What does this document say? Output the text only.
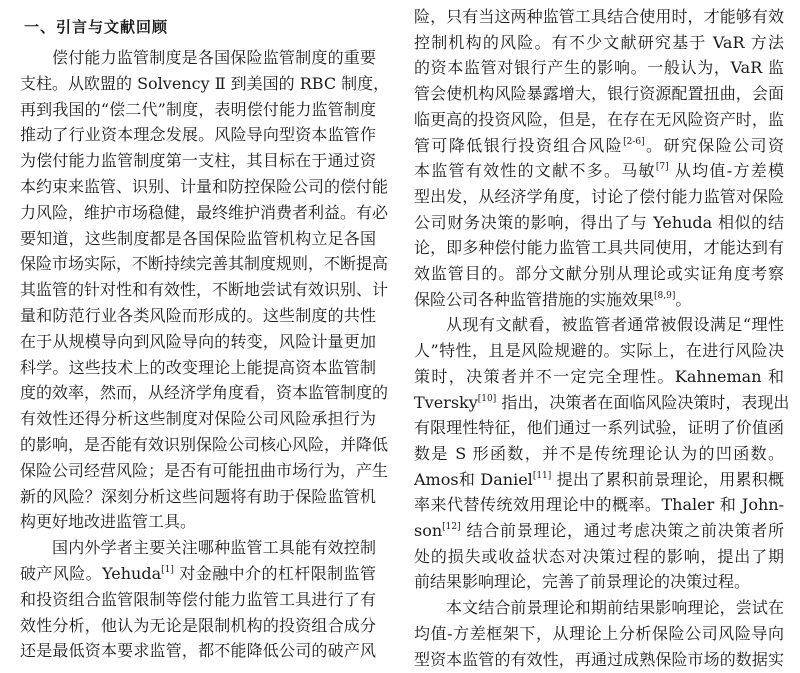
一、引言与文献回顾
偿付能力监管制度是各国保险监管制度的重要
支柱。从欧盟的 Solvency Ⅱ 到美国的 RBC 制度，
再到我国的“偿二代”制度，表明偿付能力监管制度
推动了行业资本理念发展。风险导向型资本监管作
为偿付能力监管制度第一支柱，其目标在于通过资
本约束来监管、识别、计量和防控保险公司的偿付能
力风险，维护市场稳健，最终维护消费者利益。有必
要知道，这些制度都是各国保险监管机构立足各国
保险市场实际，不断持续完善其制度规则，不断提高
其监管的针对性和有效性，不断地尝试有效识别、计
量和防范行业各类风险而形成的。这些制度的共性
在于从规模导向到风险导向的转变，风险计量更加
科学。这些技术上的改变理论上能提高资本监管制
度的效率，然而，从经济学角度看，资本监管制度的
有效性还得分析这些制度对保险公司风险承担行为
的影响，是否能有效识别保险公司核心风险，并降低
保险公司经营风险；是否有可能扭曲市场行为，产生
新的风险？深刻分析这些问题将有助于保险监管机
构更好地改进监管工具。
国内外学者主要关注哪种监管工具能有效控制
破产风险。Yehuda[1] 对金融中介的杠杆限制监管
和投资组合监管限制等偿付能力监管工具进行了有
效性分析，他认为无论是限制机构的投资组合成分
还是最低资本要求监管，都不能降低公司的破产风
险，只有当这两种监管工具结合使用时，才能够有效
控制机构的风险。有不少文献研究基于 VaR 方法
的资本监管对银行产生的影响。一般认为，VaR 监
管会使机构风险暴露增大，银行资源配置扭曲，会面
临更高的投资风险，但是，在存在无风险资产时，监
管可降低银行投资组合风险[2-6]。研究保险公司资
本监管有效性的文献不多。马敏[7] 从均值-方差模
型出发，从经济学角度，讨论了偿付能力监管对保险
公司财务决策的影响，得出了与 Yehuda 相似的结
论，即多种偿付能力监管工具共同使用，才能达到有
效监管目的。部分文献分别从理论或实证角度考察
保险公司各种监管措施的实施效果[8,9]。
从现有文献看，被监管者通常被假设满足“理性
人”特性，且是风险规避的。实际上，在进行风险决
策时，决策者并不一定完全理性。Kahneman 和
Tversky[10] 指出，决策者在面临风险决策时，表现出
有限理性特征，他们通过一系列试验，证明了价值函
数是 S 形函数，并不是传统理论认为的凹函数。
Amos和 Daniel[11] 提出了累积前景理论，用累积概
率来代替传统效用理论中的概率。Thaler 和 John-
son[12] 结合前景理论，通过考虑决策之前决策者所
处的损失或收益状态对决策过程的影响，提出了期
前结果影响理论，完善了前景理论的决策过程。
本文结合前景理论和期前结果影响理论，尝试在
均值-方差框架下，从理论上分析保险公司风险导向
型资本监管的有效性，再通过成熟保险市场的数据实
